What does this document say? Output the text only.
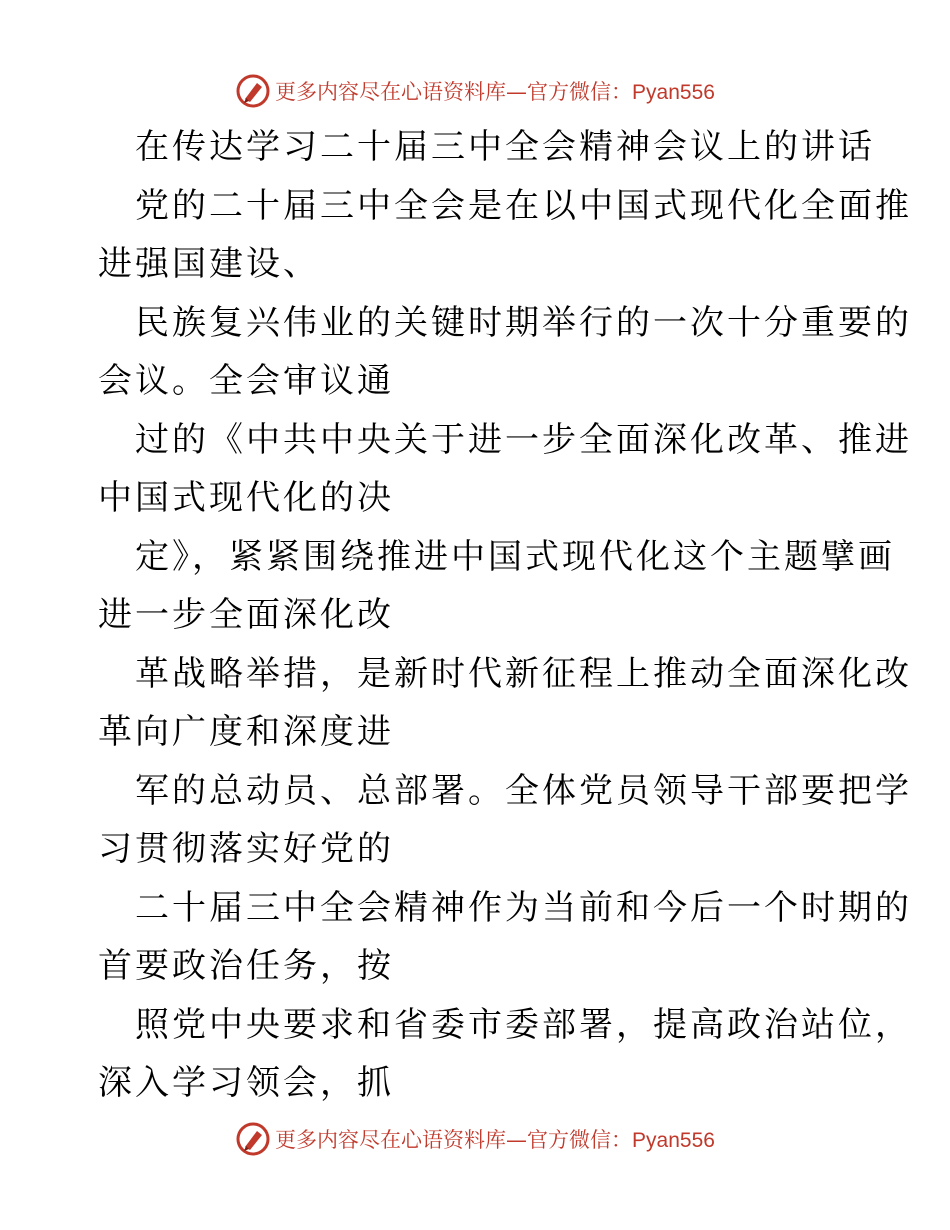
更多内容尽在心语资料库—官方微信：Pyan556
在传达学习二十届三中全会精神会议上的讲话
党的二十届三中全会是在以中国式现代化全面推
进强国建设、
民族复兴伟业的关键时期举行的一次十分重要的
会议。全会审议通
过的《中共中央关于进一步全面深化改革、推进
中国式现代化的决
定》，紧紧围绕推进中国式现代化这个主题擘画
进一步全面深化改
革战略举措，是新时代新征程上推动全面深化改
革向广度和深度进
军的总动员、总部署。全体党员领导干部要把学
习贯彻落实好党的
二十届三中全会精神作为当前和今后一个时期的
首要政治任务，按
照党中央要求和省委市委部署，提高政治站位，
深入学习领会，抓
更多内容尽在心语资料库—官方微信：Pyan556
